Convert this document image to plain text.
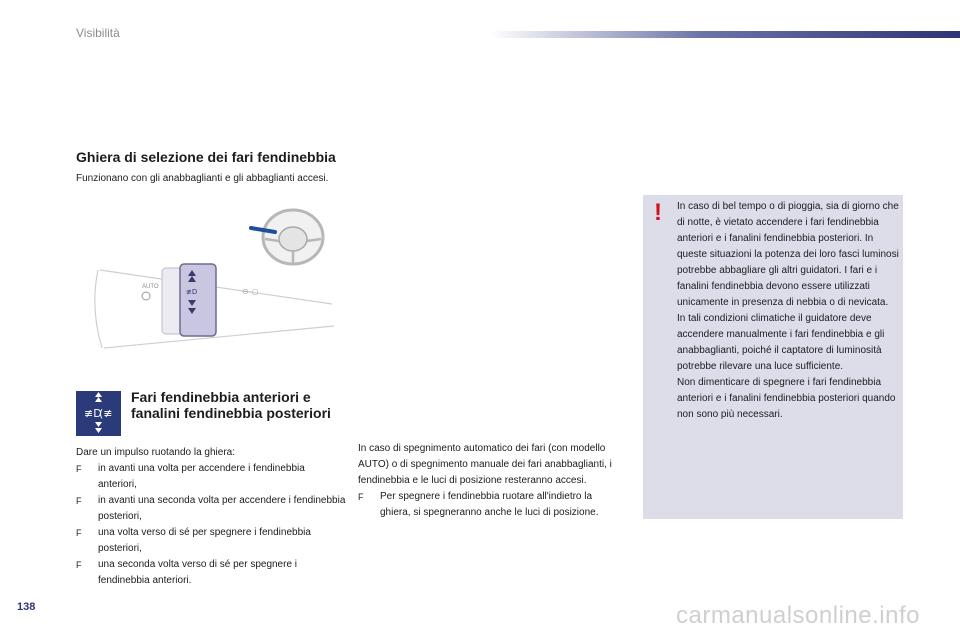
Visibilità
Ghiera di selezione dei fari fendinebbia
Funzionano con gli anabbaglianti e gli abbaglianti accesi.
AUTO
≢D	⊖-○
≢D
(≢
Fari fendinebbia anteriori e fanalini fendinebbia posteriori
Dare un impulso ruotando la ghiera:
F in avanti una volta per accendere i fendinebbia anteriori,
F in avanti una seconda volta per accendere i fendinebbia posteriori,
F una volta verso di sé per spegnere i fendinebbia posteriori,
F una seconda volta verso di sé per spegnere i fendinebbia anteriori.
In caso di spegnimento automatico dei fari (con modello AUTO) o di spegnimento manuale dei fari anabbaglianti, i fendinebbia e le luci di posizione resteranno accesi.
F Per spegnere i fendinebbia ruotare all'indietro la ghiera, si spegneranno anche le luci di posizione.
! In caso di bel tempo o di pioggia, sia di giorno che di notte, è vietato accendere i fari fendinebbia anteriori e i fanalini fendinebbia posteriori. In queste situazioni la potenza dei loro fasci luminosi potrebbe abbagliare gli altri guidatori. I fari e i fanalini fendinebbia devono essere utilizzati unicamente in presenza di nebbia o di nevicata.
In tali condizioni climatiche il guidatore deve accendere manualmente i fari fendinebbia e gli anabbaglianti, poiché il captatore di luminosità potrebbe rilevare una luce sufficiente.
Non dimenticare di spegnere i fari fendinebbia anteriori e i fanalini fendinebbia posteriori quando non sono più necessari.
138	carmanualsonline.info
